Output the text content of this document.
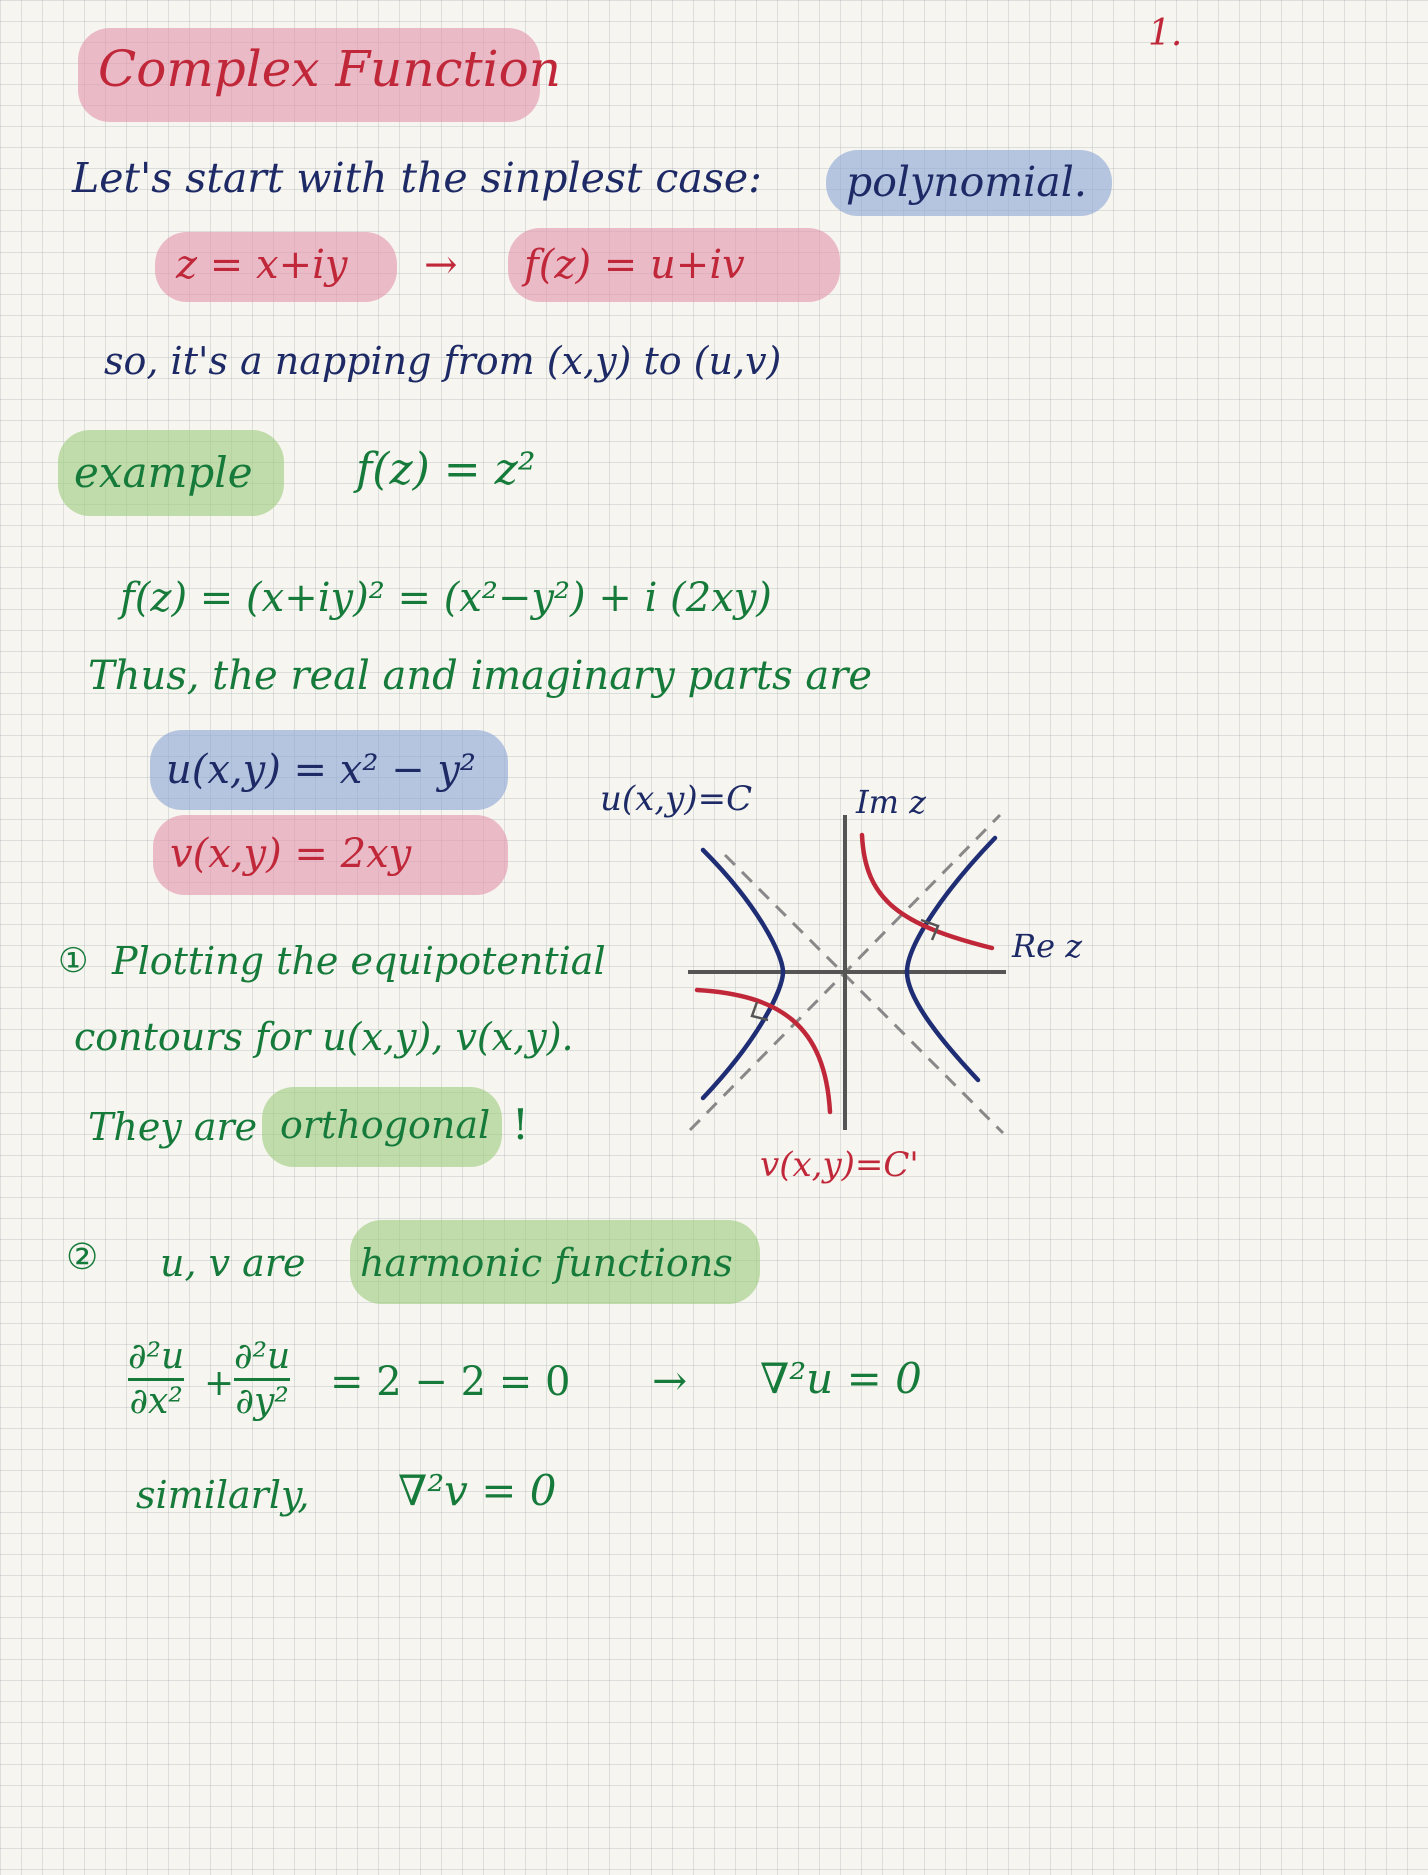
1.
Complex Function
Let's start with the sinplest case: polynomial.
z = x+iy → f(z) = u+iv
so, it's a napping from (x,y) to (u,v)
example f(z) = z²
f(z) = (x+iy)² = (x²−y²) + i (2xy)
Thus, the real and imaginary parts are
u(x,y) = x² − y²
v(x,y) = 2xy
① Plotting the equipotential
contours for u(x,y), v(x,y).
They are orthogonal !
u(x,y)=C	Im z
Re z
v(x,y)=C'
② u, v are harmonic functions
∂²u
∂x² +
∂²u
∂y² = 2 − 2 = 0 → ∇²u = 0
similarly, ∇²v = 0
